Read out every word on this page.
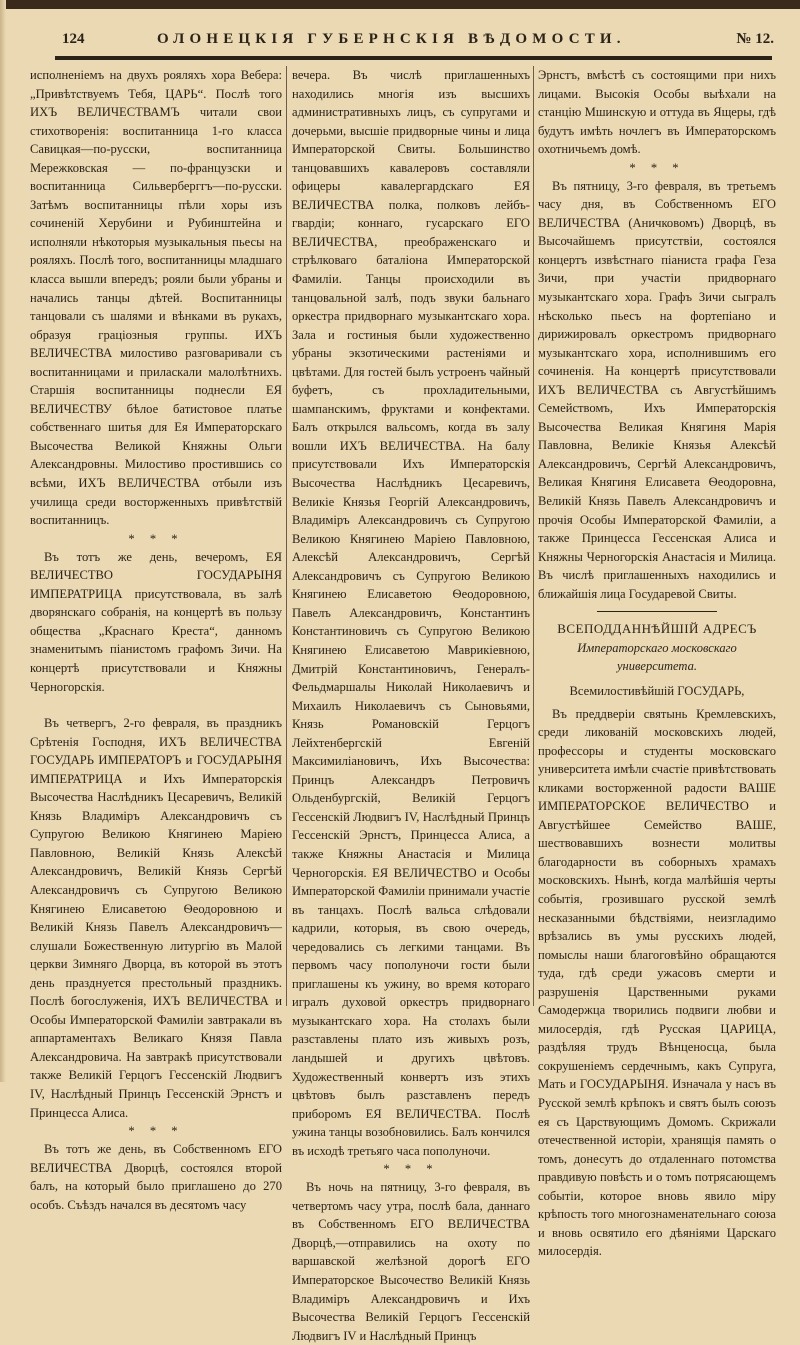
124	ОЛОНЕЦКІЯ ГУБЕРНСКІЯ ВѢДОМОСТИ.	№ 12.

исполненіемъ на двухъ рояляхъ хора Вебера: „Привѣтствуемъ Тебя, ЦАРЬ“. Послѣ того ИХЪ ВЕЛИЧЕСТВАМЪ читали свои стихотворенія: воспитанница 1-го класса Савицкая—по-русски, воспитанница Мережковская — по-французски и воспитанница Сильверберггъ—по-русски. Затѣмъ воспитанницы пѣли хоры изъ сочиненій Херубини и Рубинштейна и исполняли нѣкоторыя музыкальныя пьесы на рояляхъ. Послѣ того, воспитанницы младшаго класса вышли впередъ; рояли были убраны и начались танцы дѣтей. Воспитанницы танцовали съ шалями и вѣнками въ рукахъ, образуя граціозныя группы. ИХЪ ВЕЛИЧЕСТВА милостиво разговаривали съ воспитанницами и приласкали малолѣтнихъ. Старшія воспитанницы поднесли ЕЯ ВЕЛИЧЕСТВУ бѣлое батистовое платье собственнаго шитья для Ея Императорскаго Высочества Великой Княжны Ольги Александровны. Милостиво простившись со всѣми, ИХЪ ВЕЛИЧЕСТВА отбыли изъ училища среди восторженныхъ привѣтствій воспитанницъ.

* * *

Въ тотъ же день, вечеромъ, ЕЯ ВЕЛИЧЕСТВО ГОСУДАРЫНЯ ИМПЕРАТРИЦА присутствовала, въ залѣ дворянскаго собранія, на концертѣ въ пользу общества „Краснаго Креста“, данномъ знаменитымъ піанистомъ графомъ Зичи. На концертѣ присутствовали и Княжны Черногорскія.

Въ четвергъ, 2-го февраля, въ праздникъ Срѣтенія Господня, ИХЪ ВЕЛИЧЕСТВА ГОСУДАРЬ ИМПЕРАТОРЪ и ГОСУДАРЫНЯ ИМПЕРАТРИЦА и Ихъ Императорскія Высочества Наслѣдникъ Цесаревичъ, Великій Князь Владиміръ Александровичъ съ Супругою Великою Княгинею Маріею Павловною, Великій Князь Алексѣй Александровичъ, Великій Князь Сергѣй Александровичъ съ Супругою Великою Княгинею Елисаветою Ѳеодоровною и Великій Князь Павелъ Александровичъ—слушали Божественную литургію въ Малой церкви Зимняго Дворца, въ которой въ этотъ день празднуется престольный праздникъ. Послѣ богослуженія, ИХЪ ВЕЛИЧЕСТВА и Особы Императорской Фамиліи завтракали въ аппартаментахъ Великаго Князя Павла Александровича. На завтракѣ присутствовали также Великій Герцогъ Гессенскій Людвигъ IV, Наслѣдный Принцъ Гессенскій Эрнстъ и Принцесса Алиса.

* * *

Въ тотъ же день, въ Собственномъ ЕГО ВЕЛИЧЕСТВА Дворцѣ, состоялся второй балъ, на который было приглашено до 270 особъ. Съѣздъ начался въ десятомъ часу

вечера. Въ числѣ приглашенныхъ находились многія изъ высшихъ административныхъ лицъ, съ супругами и дочерьми, высшіе придворные чины и лица Императорской Свиты. Большинство танцовавшихъ кавалеровъ составляли офицеры кавалергардскаго ЕЯ ВЕЛИЧЕСТВА полка, полковъ лейбъ-гвардіи; коннаго, гусарскаго ЕГО ВЕЛИЧЕСТВА, преображенскаго и стрѣлковаго баталіона Императорской Фамиліи. Танцы происходили въ танцовальной залѣ, подъ звуки бальнаго оркестра придворнаго музыкантскаго хора. Зала и гостиныя были художественно убраны экзотическими растеніями и цвѣтами. Для гостей былъ устроенъ чайный буфетъ, съ прохладительными, шампанскимъ, фруктами и конфектами. Балъ открылся вальсомъ, когда въ залу вошли ИХЪ ВЕЛИЧЕСТВА. На балу присутствовали Ихъ Императорскія Высочества Наслѣдникъ Цесаревичъ, Великіе Князья Георгій Александровичъ, Владиміръ Александровичъ съ Супругою Великою Княгинею Маріею Павловною, Алексѣй Александровичъ, Сергѣй Александровичъ съ Супругою Великою Княгинею Елисаветою Ѳеодоровною, Павелъ Александровичъ, Константинъ Константиновичъ съ Супругою Великою Княгинею Елисаветою Маврикіевною, Дмитрій Константиновичъ, Генералъ-Фельдмаршалы Николай Николаевичъ и Михаилъ Николаевичъ съ Сыновьями, Князь Романовскій Герцогъ Лейхтенбергскій Евгеній Максимиліановичъ, Ихъ Высочества: Принцъ Александръ Петровичъ Ольденбургскій, Великій Герцогъ Гессенскій Людвигъ IV, Наслѣдный Принцъ Гессенскій Эрнстъ, Принцесса Алиса, а также Княжны Анастасія и Милица Черногорскія. ЕЯ ВЕЛИЧЕСТВО и Особы Императорской Фамиліи принимали участіе въ танцахъ. Послѣ вальса слѣдовали кадрили, которыя, въ свою очередь, чередовались съ легкими танцами. Въ первомъ часу пополуночи гости были приглашены къ ужину, во время котораго игралъ духовой оркестръ придворнаго музыкантскаго хора. На столахъ были разставлены плато изъ живыхъ розъ, ландышей и другихъ цвѣтовъ. Художественный конвертъ изъ этихъ цвѣтовъ былъ разставленъ передъ приборомъ ЕЯ ВЕЛИЧЕСТВА. Послѣ ужина танцы возобновились. Балъ кончился въ исходѣ третьяго часа пополуночи.

* * *

Въ ночь на пятницу, 3-го февраля, въ четвертомъ часу утра, послѣ бала, даннаго въ Собственномъ ЕГО ВЕЛИЧЕСТВА Дворцѣ,—отправились на охоту по варшавской желѣзной дорогѣ ЕГО Императорское Высочество Великій Князь Владиміръ Александровичъ и Ихъ Высочества Великій Герцогъ Гессенскій Людвигъ IV и Наслѣдный Принцъ

Эрнстъ, вмѣстѣ съ состоящими при нихъ лицами. Высокія Особы выѣхали на станцію Мшинскую и оттуда въ Ящеры, гдѣ будутъ имѣть ночлегъ въ Императорскомъ охотничьемъ домѣ.

* * *

Въ пятницу, 3-го февраля, въ третьемъ часу дня, въ Собственномъ ЕГО ВЕЛИЧЕСТВА (Аничковомъ) Дворцѣ, въ Высочайшемъ присутствіи, состоялся концертъ извѣстнаго піаниста графа Геза Зичи, при участіи придворнаго музыкантскаго хора. Графъ Зичи сыгралъ нѣсколько пьесъ на фортепіано и дирижировалъ оркестромъ придворнаго музыкантскаго хора, исполнившимъ его сочиненія. На концертѣ присутствовали ИХЪ ВЕЛИЧЕСТВА съ Августѣйшимъ Семействомъ, Ихъ Императорскія Высочества Великая Княгиня Марія Павловна, Великіе Князья Алексѣй Александровичъ, Сергѣй Александровичъ, Великая Княгиня Елисавета Ѳеодоровна, Великій Князь Павелъ Александровичъ и прочія Особы Императорской Фамиліи, а также Принцесса Гессенская Алиса и Княжны Черногорскія Анастасія и Милица. Въ числѣ приглашенныхъ находились и ближайшія лица Государевой Свиты.

ВСЕПОДДАННѢЙШІЙ АДРЕСЪ

Императорскаго московскаго университета.

Всемилостивѣйшій ГОСУДАРЬ,

Въ преддверіи святынь Кремлевскихъ, среди ликованій московскихъ людей, профессоры и студенты московскаго университета имѣли счастіе привѣтствовать кликами восторженной радости ВАШЕ ИМПЕРАТОРСКОЕ ВЕЛИЧЕСТВО и Августѣйшее Семейство ВАШЕ, шествовавшихъ вознести молитвы благодарности въ соборныхъ храмахъ московскихъ. Нынѣ, когда малѣйшія черты событія, грозившаго русской землѣ несказанными бѣдствіями, неизгладимо врѣзались въ умы русскихъ людей, помыслы наши благоговѣйно обращаются туда, гдѣ среди ужасовъ смерти и разрушенія Царственными руками Самодержца творились подвиги любви и милосердія, гдѣ Русская ЦАРИЦА, раздѣляя трудъ Вѣнценосца, была сокрушеніемъ сердечнымъ, какъ Супруга, Мать и ГОСУДАРЫНЯ. Изначала у насъ въ Русской землѣ крѣпокъ и святъ былъ союзъ ея съ Царствующимъ Домомъ. Скрижали отечественной исторіи, хранящія память о томъ, донесутъ до отдаленнаго потомства правдивую повѣсть и о томъ потрясающемъ событіи, которое вновь явило міру крѣпость того многознаменательнаго союза и вновь освятило его дѣяніями Царскаго милосердія.
